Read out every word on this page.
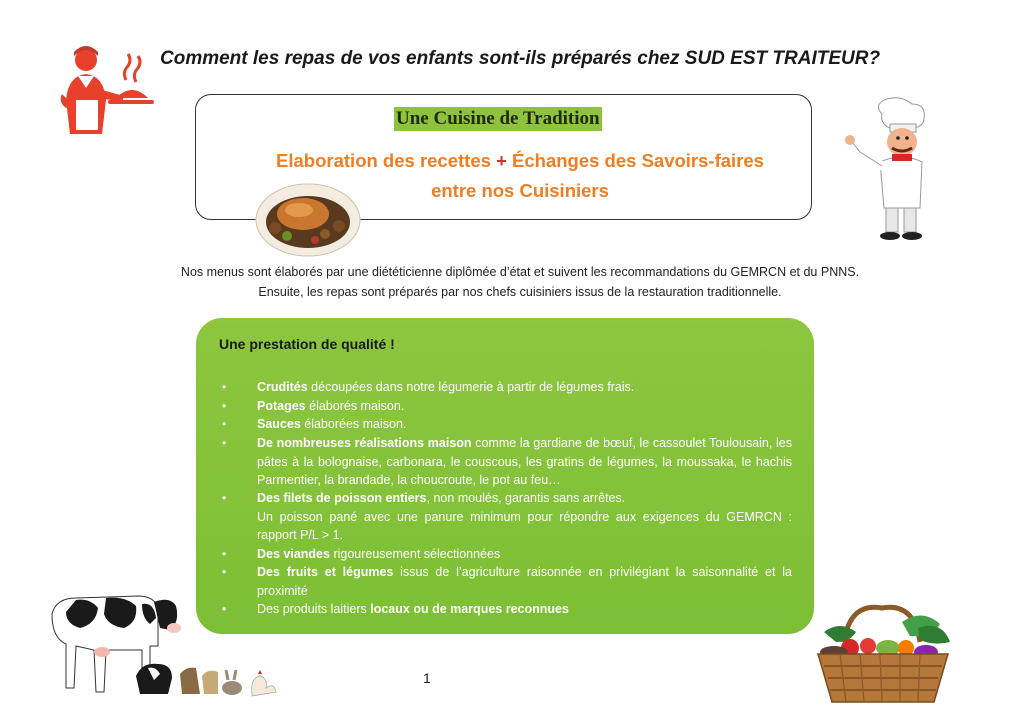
Comment les repas de vos enfants sont-ils préparés chez SUD EST TRAITEUR?
Une Cuisine de Tradition
Elaboration des recettes + Échanges des Savoirs-faires
entre nos Cuisiniers
Nos menus sont élaborés par une diététicienne diplômée d’état et suivent les recommandations du GEMRCN et du PNNS.
Ensuite, les repas sont préparés par nos chefs cuisiniers issus de la restauration traditionnelle.
Une prestation de qualité !
•
•
•
•
•
•
•
•
Crudités découpées dans notre légumerie à partir de légumes frais.
Potages élaborés maison.
Sauces élaborées maison.
De nombreuses réalisations maison comme la gardiane de bœuf, le cassoulet Toulousain, les pâtes à la bolognaise, carbonara, le couscous, les gratins de légumes, la moussaka, le hachis Parmentier, la brandade, la choucroute, le pot au feu…
Des filets de poisson entiers, non moulés, garantis sans arrêtes.
Un poisson pané avec une panure minimum pour répondre aux exigences du GEMRCN : rapport P/L > 1.
Des viandes rigoureusement sélectionnées
Des fruits et légumes issus de l’agriculture raisonnée en privilégiant la saisonnalité et la proximité
Des produits laitiers locaux ou de marques reconnues
1
